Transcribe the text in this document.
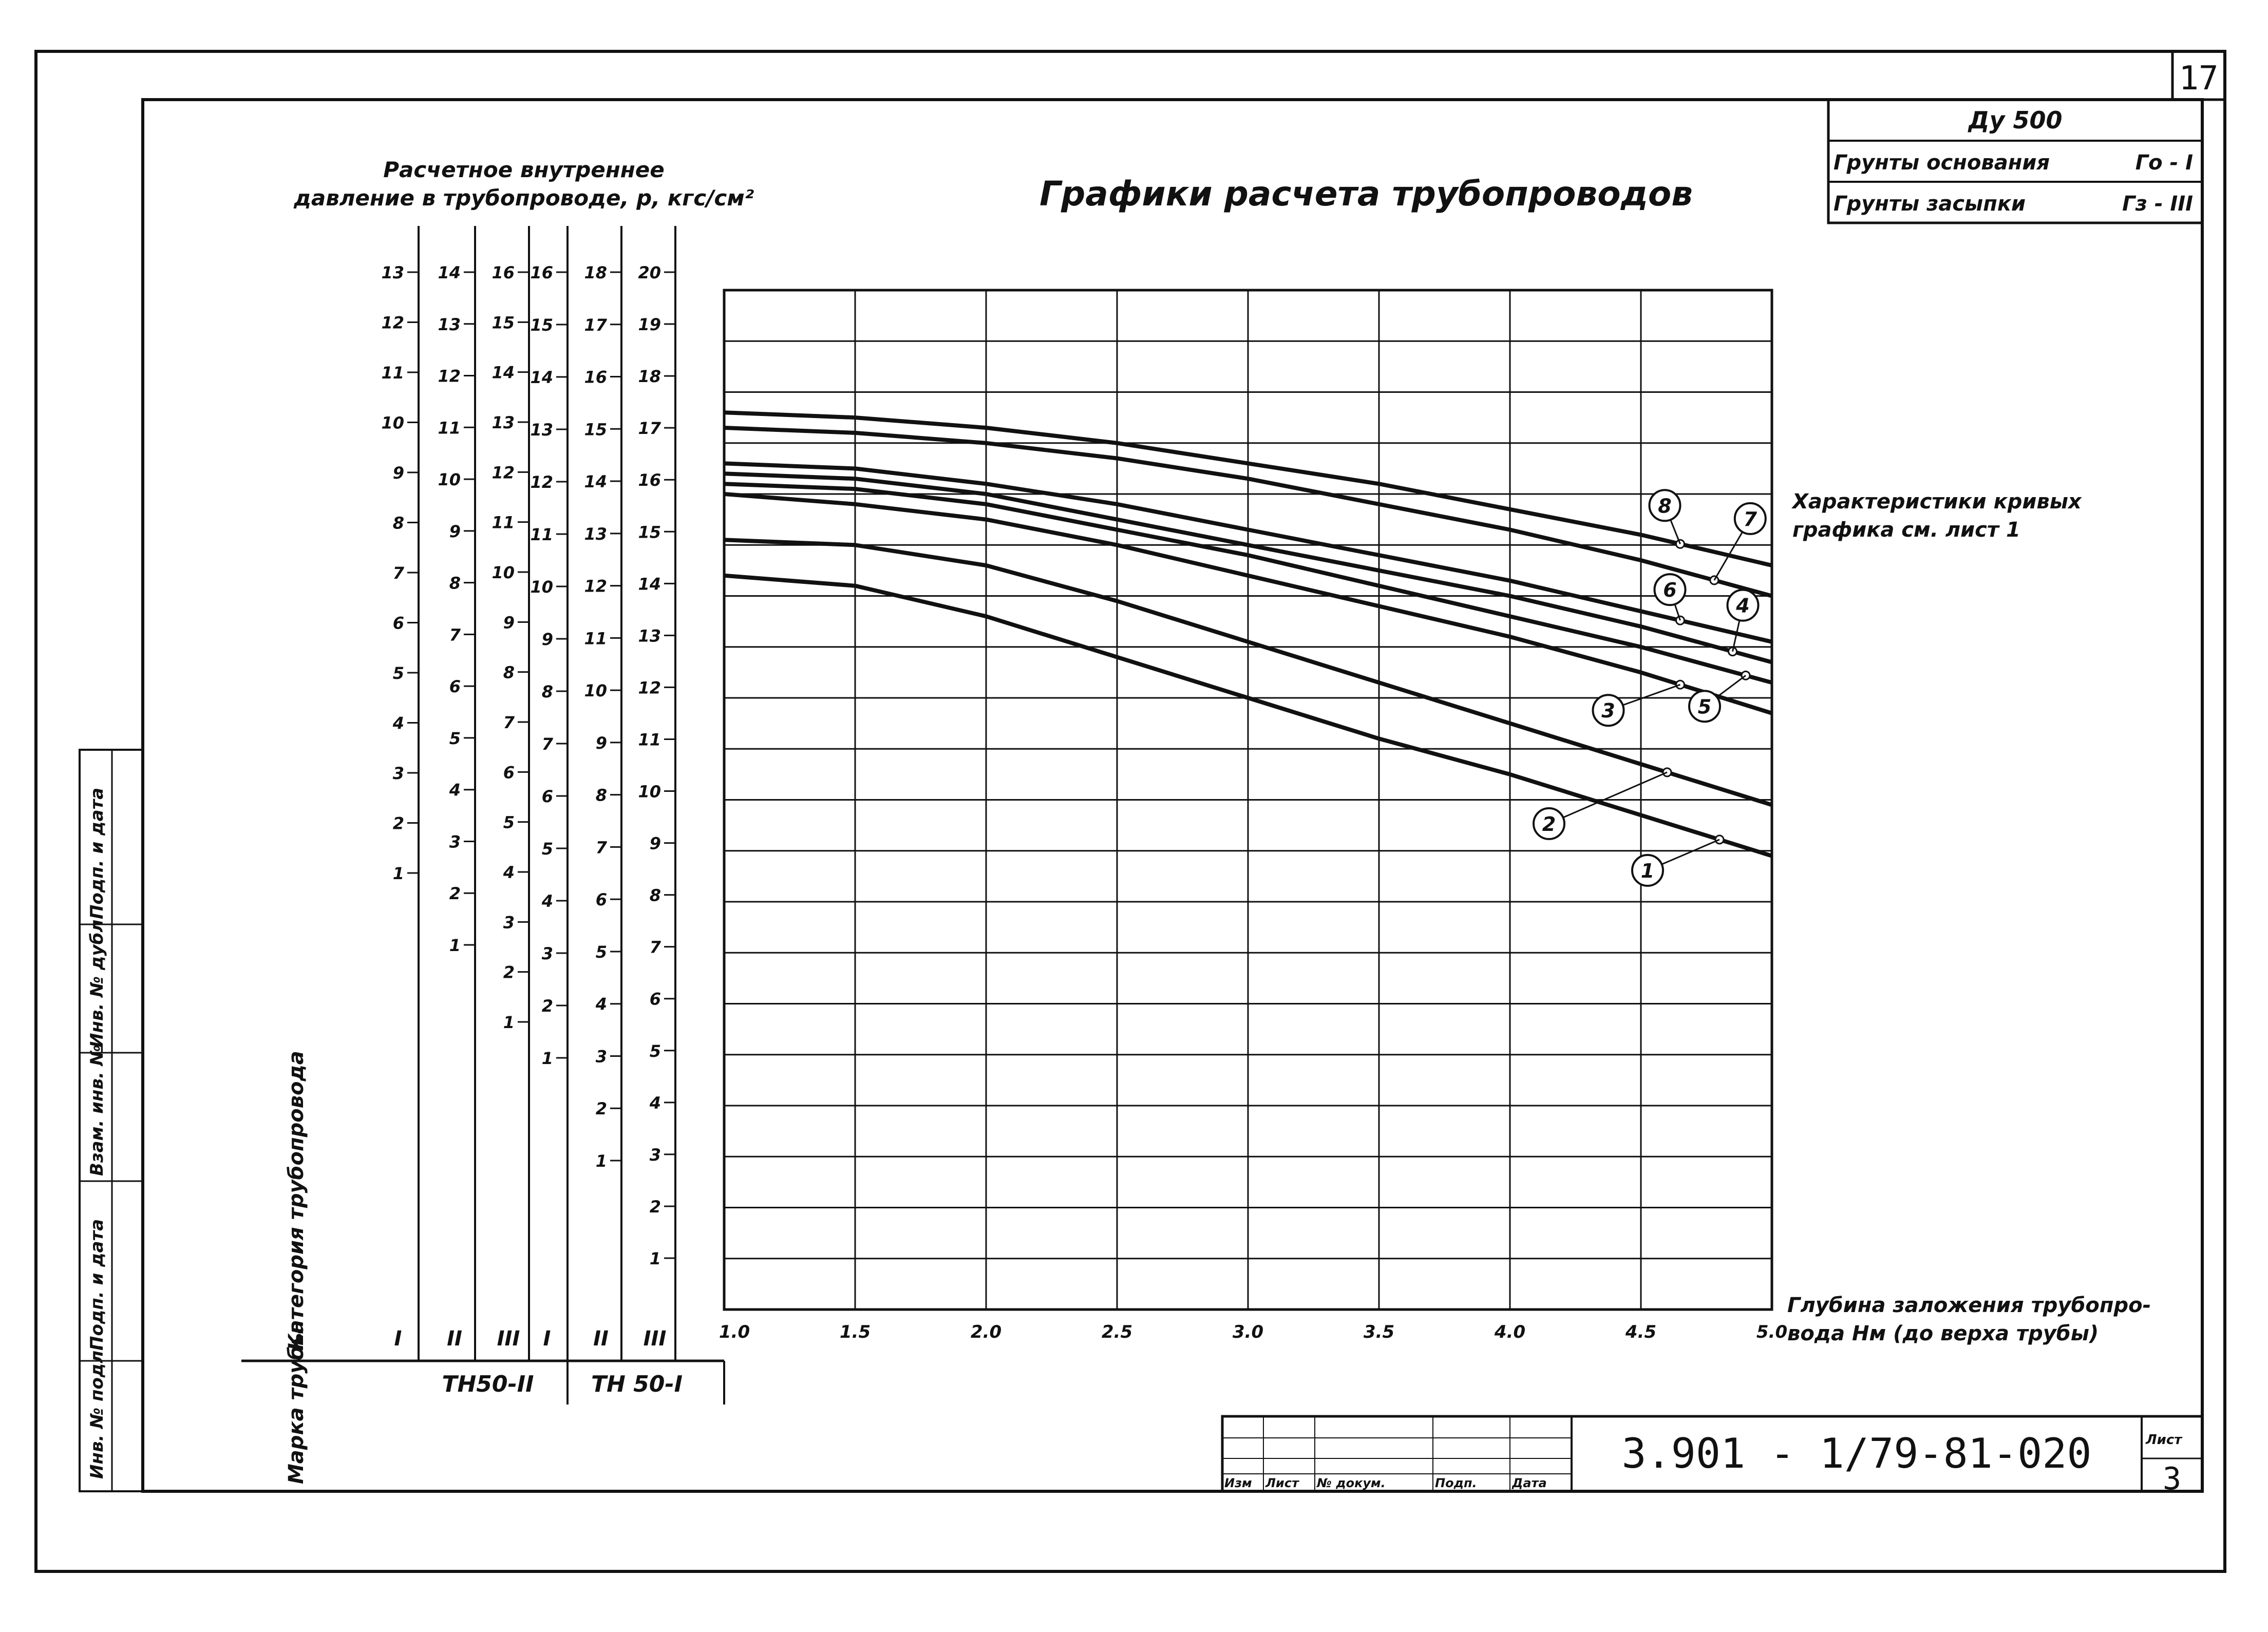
17
Ду 500
Грунты основания	Го - I
Грунты засыпки	Гз - III
Инв. № подл.
Подп. и дата
Взам. инв. №
Инв. № дубл.
Подп. и дата
Изм Лист № докум.	Подп.	Дата
3.901 - 1/79-81-020	Лист
3
Графики расчета трубопроводов
Расчетное внутреннее
давление в трубопроводе, p, кгс/см²
Характеристики кривых
графика см. лист 1
Глубина заложения трубопро-
вода Нм (до верха трубы)
Категория трубопровода
Марка трубы	ТН50-II	ТН 50-I
1
2
3
4
5
6
7
8
9
10
11
12
13
I
1
2
3
4
5
6
7
8
9
10
11
12
13
14
II
1
2
3
4
5
6
7
8
9
10
11
12
13
14
15
16
III
1
2
3
4
5
6
7
8
9
10
11
12
13
14
15
16
I
1
2
3
4
5
6
7
8
9
10
11
12
13
14
15
16
17
18
II
1
2
3
4
5
6
7
8
9
10
11
12
13
14
15
16
17
18
19
20
III	1.0	1.5	2.0	2.5	3.0	3.5	4.0	4.5	5.0
1
2
3	5
4
6
7
8
